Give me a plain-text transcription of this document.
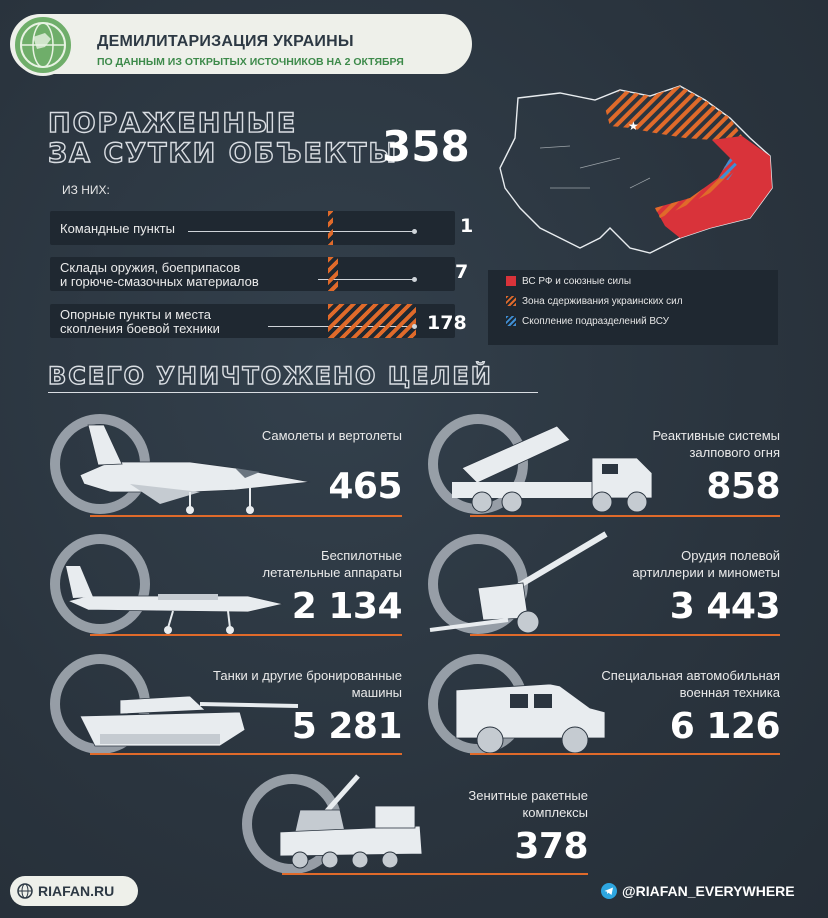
ДЕМИЛИТАРИЗАЦИЯ УКРАИНЫ
ПО ДАННЫМ ИЗ ОТКРЫТЫХ ИСТОЧНИКОВ НА 2 ОКТЯБРЯ
ПОРАЖЕННЫЕ
ЗА СУТКИ ОБЪЕКТЫ
358
ИЗ НИХ:
Командные пункты	1
Склады оружия, боеприпасов
и горюче-смазочных материалов	7
Опорные пункты и места
скопления боевой техники	178
★
ВС РФ и союзные силы
Зона сдерживания украинских сил
Скопление подразделений ВСУ
ВСЕГО УНИЧТОЖЕНО ЦЕЛЕЙ
Самолеты и вертолеты
465
Реактивные системы
залпового огня
858
Беспилотные
летательные аппараты
2 134
Орудия полевой
артиллерии и минометы
3 443
Танки и другие бронированные
машины
5 281
Специальная автомобильная
военная техника
6 126
Зенитные ракетные
комплексы
378
RIAFAN.RU	@RIAFAN_EVERYWHERE
